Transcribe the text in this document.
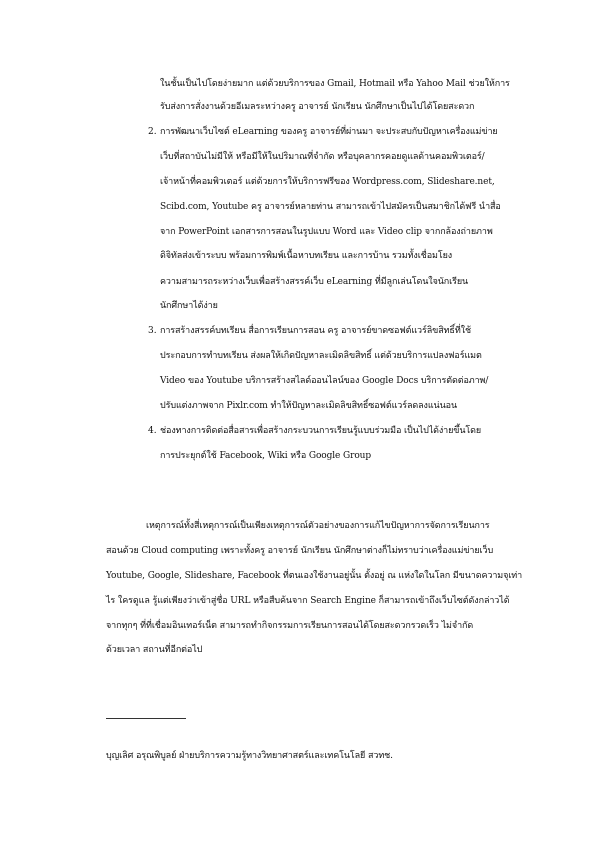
ในชั้นเป็นไปโดยง่ายมาก แต่ด้วยบริการของ Gmail, Hotmail หรือ Yahoo Mail ช่วยให้การ
รับส่งการสั่งงานด้วยอีเมลระหว่างครู อาจารย์ นักเรียน นักศึกษาเป็นไปได้โดยสะดวก
2. การพัฒนาเว็บไซต์ eLearning ของครู อาจารย์ที่ผ่านมา จะประสบกับปัญหาเครื่องแม่ข่าย
เว็บที่สถาบันไม่มีให้ หรือมีให้ในปริมาณที่จำกัด หรือบุคลากรคอยดูแลด้านคอมพิวเตอร์/
เจ้าหน้าที่คอมพิวเตอร์ แต่ด้วยการให้บริการฟรีของ Wordpress.com, Slideshare.net,
Scibd.com, Youtube ครู อาจารย์หลายท่าน สามารถเข้าไปสมัครเป็นสมาชิกได้ฟรี นำสื่อ
จาก PowerPoint เอกสารการสอนในรูปแบบ Word และ Video clip จากกล้องถ่ายภาพ
ดิจิทัลส่งเข้าระบบ พร้อมการพิมพ์เนื้อหาบทเรียน และการบ้าน รวมทั้งเชื่อมโยง
ความสามารถระหว่างเว็บเพื่อสร้างสรรค์เว็บ eLearning ที่มีลูกเล่นโดนใจนักเรียน
นักศึกษาได้ง่าย
3. การสร้างสรรค์บทเรียน สื่อการเรียนการสอน ครู อาจารย์ขาดซอฟต์แวร์ลิขสิทธิ์ที่ใช้
ประกอบการทำบทเรียน ส่งผลให้เกิดปัญหาละเมิดลิขสิทธิ์ แต่ด้วยบริการแปลงฟอร์แมต
Video ของ Youtube บริการสร้างสไลด์ออนไลน์ของ Google Docs บริการตัดต่อภาพ/
ปรับแต่งภาพจาก Pixlr.com ทำให้ปัญหาละเมิดลิขสิทธิ์ซอฟต์แวร์ลดลงแน่นอน
4. ช่องทางการติดต่อสื่อสารเพื่อสร้างกระบวนการเรียนรู้แบบร่วมมือ เป็นไปได้ง่ายขึ้นโดย
การประยุกต์ใช้ Facebook, Wiki หรือ Google Group
เหตุการณ์ทั้งสี่เหตุการณ์เป็นเพียงเหตุการณ์ตัวอย่างของการแก้ไขปัญหาการจัดการเรียนการ
สอนด้วย Cloud computing เพราะทั้งครู อาจารย์ นักเรียน นักศึกษาต่างก็ไม่ทราบว่าเครื่องแม่ข่ายเว็บ
Youtube, Google, Slideshare, Facebook ที่ตนเองใช้งานอยู่นั้น ตั้งอยู่ ณ แห่งใดในโลก มีขนาดความจุเท่า
ไร ใครดูแล รู้แต่เพียงว่าเข้าสู่ชื่อ URL หรือสืบค้นจาก Search Engine ก็สามารถเข้าถึงเว็บไซต์ดังกล่าวได้
จากทุกๆ ที่ที่เชื่อมอินเทอร์เน็ต สามารถทำกิจกรรมการเรียนการสอนได้โดยสะดวกรวดเร็ว ไม่จำกัด
ด้วยเวลา สถานที่อีกต่อไป
บุญเลิศ อรุณพิบูลย์ ฝ่ายบริการความรู้ทางวิทยาศาสตร์และเทคโนโลยี สวทช.
